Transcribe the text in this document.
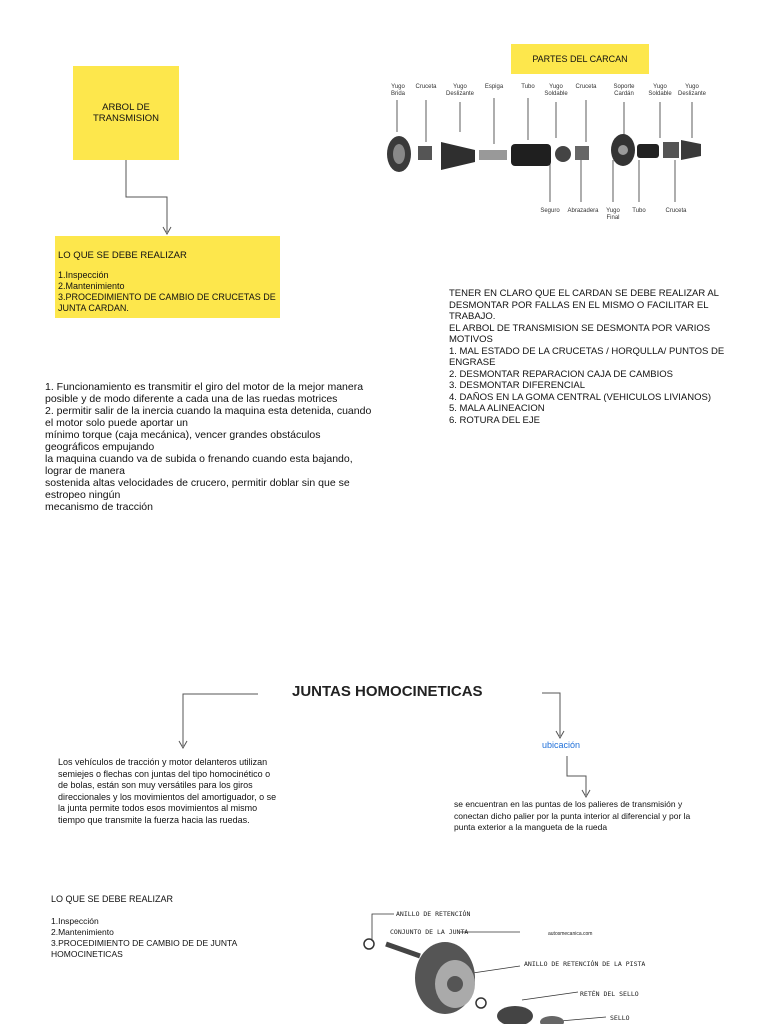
ARBOL DE
TRANSMISION
LO QUE SE DEBE REALIZAR
1.Inspección
2.Mantenimiento
3.PROCEDIMIENTO DE CAMBIO DE CRUCETAS DE
JUNTA CARDAN.
1. Funcionamiento es transmitir el giro del motor de la mejor manera
posible y de modo diferente a cada una de las ruedas motrices
2. permitir salir de la inercia cuando la maquina esta detenida, cuando
el motor solo puede aportar un
mínimo torque (caja mecánica), vencer grandes obstáculos
geográficos empujando
la maquina cuando va de subida o frenando cuando esta bajando,
lograr de manera
sostenida altas velocidades de crucero, permitir doblar sin que se
estropeo ningún
mecanismo de tracción
PARTES DEL CARCAN
Yugo
Brida
Cruceta	Yugo
Deslizante
Espiga	Tubo	Yugo
Soldable
Cruceta	Soporte
Cardán
Yugo
Soldable
Yugo
Deslizante
Seguro	Abrazadera	Yugo
Final
Tubo	Cruceta
TENER EN CLARO QUE EL CARDAN SE DEBE REALIZAR AL
DESMONTAR POR FALLAS EN EL MISMO O FACILITAR EL
TRABAJO.
EL ARBOL DE TRANSMISION SE DESMONTA POR VARIOS
MOTIVOS
1. MAL ESTADO DE LA CRUCETAS / HORQULLA/ PUNTOS DE
ENGRASE
2. DESMONTAR REPARACION CAJA DE CAMBIOS
3. DESMONTAR DIFERENCIAL
4. DAÑOS EN LA GOMA CENTRAL (VEHICULOS LIVIANOS)
5. MALA ALINEACION
6. ROTURA DEL EJE
JUNTAS HOMOCINETICAS
Los vehículos de tracción y motor delanteros utilizan
semiejes o flechas con juntas del tipo homocinético o
de bolas, están son muy versátiles para los giros
direccionales y los movimientos del amortiguador, o se
la junta permite todos esos movimientos al mismo
tiempo que transmite la fuerza hacia las ruedas.
ubicación
se encuentran en las puntas de los palieres de transmisión y
conectan dicho palier por la punta interior al diferencial y por la
punta exterior a la mangueta de la rueda
LO QUE SE DEBE REALIZAR
1.Inspección
2.Mantenimiento
3.PROCEDIMIENTO DE CAMBIO DE DE JUNTA
HOMOCINETICAS
ANILLO DE RETENCIÓN
CONJUNTO DE LA JUNTA
ANILLO DE RETENCIÓN DE LA PISTA
RETÉN DEL SELLO
SELLO
autosmecanica.com
